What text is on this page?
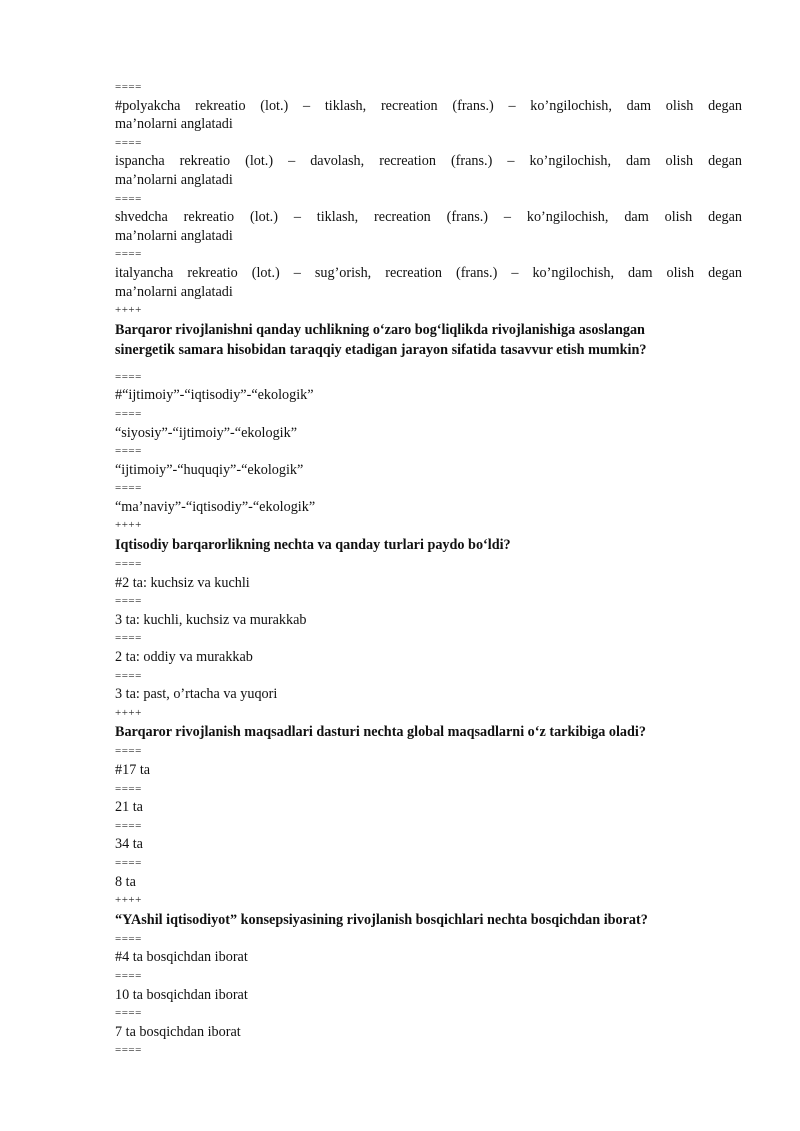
====
#polyakcha rekreatio (lot.) – tiklash, recreation (frans.) – ko’ngilochish, dam olish degan
ma’nolarni anglatadi
====
ispancha rekreatio (lot.) – davolash, recreation (frans.) – ko’ngilochish, dam olish degan
ma’nolarni anglatadi
====
shvedcha rekreatio (lot.) – tiklash, recreation (frans.) – ko’ngilochish, dam olish degan
ma’nolarni anglatadi
====
italyancha rekreatio (lot.) – sug’orish, recreation (frans.) – ko’ngilochish, dam olish degan
ma’nolarni anglatadi
++++
Barqaror rivojlanishni qanday uchlikning o‘zaro bog‘liqlikda rivojlanishiga asoslangan
sinergetik samara hisobidan taraqqiy etadigan jarayon sifatida tasavvur etish mumkin?
====
#“ijtimoiy”-“iqtisodiy”-“ekologik”
====
“siyosiy”-“ijtimoiy”-“ekologik”
====
“ijtimoiy”-“huquqiy”-“ekologik”
====
“ma’naviy”-“iqtisodiy”-“ekologik”
++++
Iqtisodiy barqarorlikning nechta va qanday turlari paydo bo‘ldi?
====
#2 ta: kuchsiz va kuchli
====
3 ta: kuchli, kuchsiz va murakkab
====
2 ta: oddiy va murakkab
====
3 ta: past, o’rtacha va yuqori
++++
Barqaror rivojlanish maqsadlari dasturi nechta global maqsadlarni o‘z tarkibiga oladi?
====
#17 ta
====
21 ta
====
34 ta
====
8 ta
++++
“YAshil iqtisodiyot” konsepsiyasining rivojlanish bosqichlari nechta bosqichdan iborat?
====
#4 ta bosqichdan iborat
====
10 ta bosqichdan iborat
====
7 ta bosqichdan iborat
====
